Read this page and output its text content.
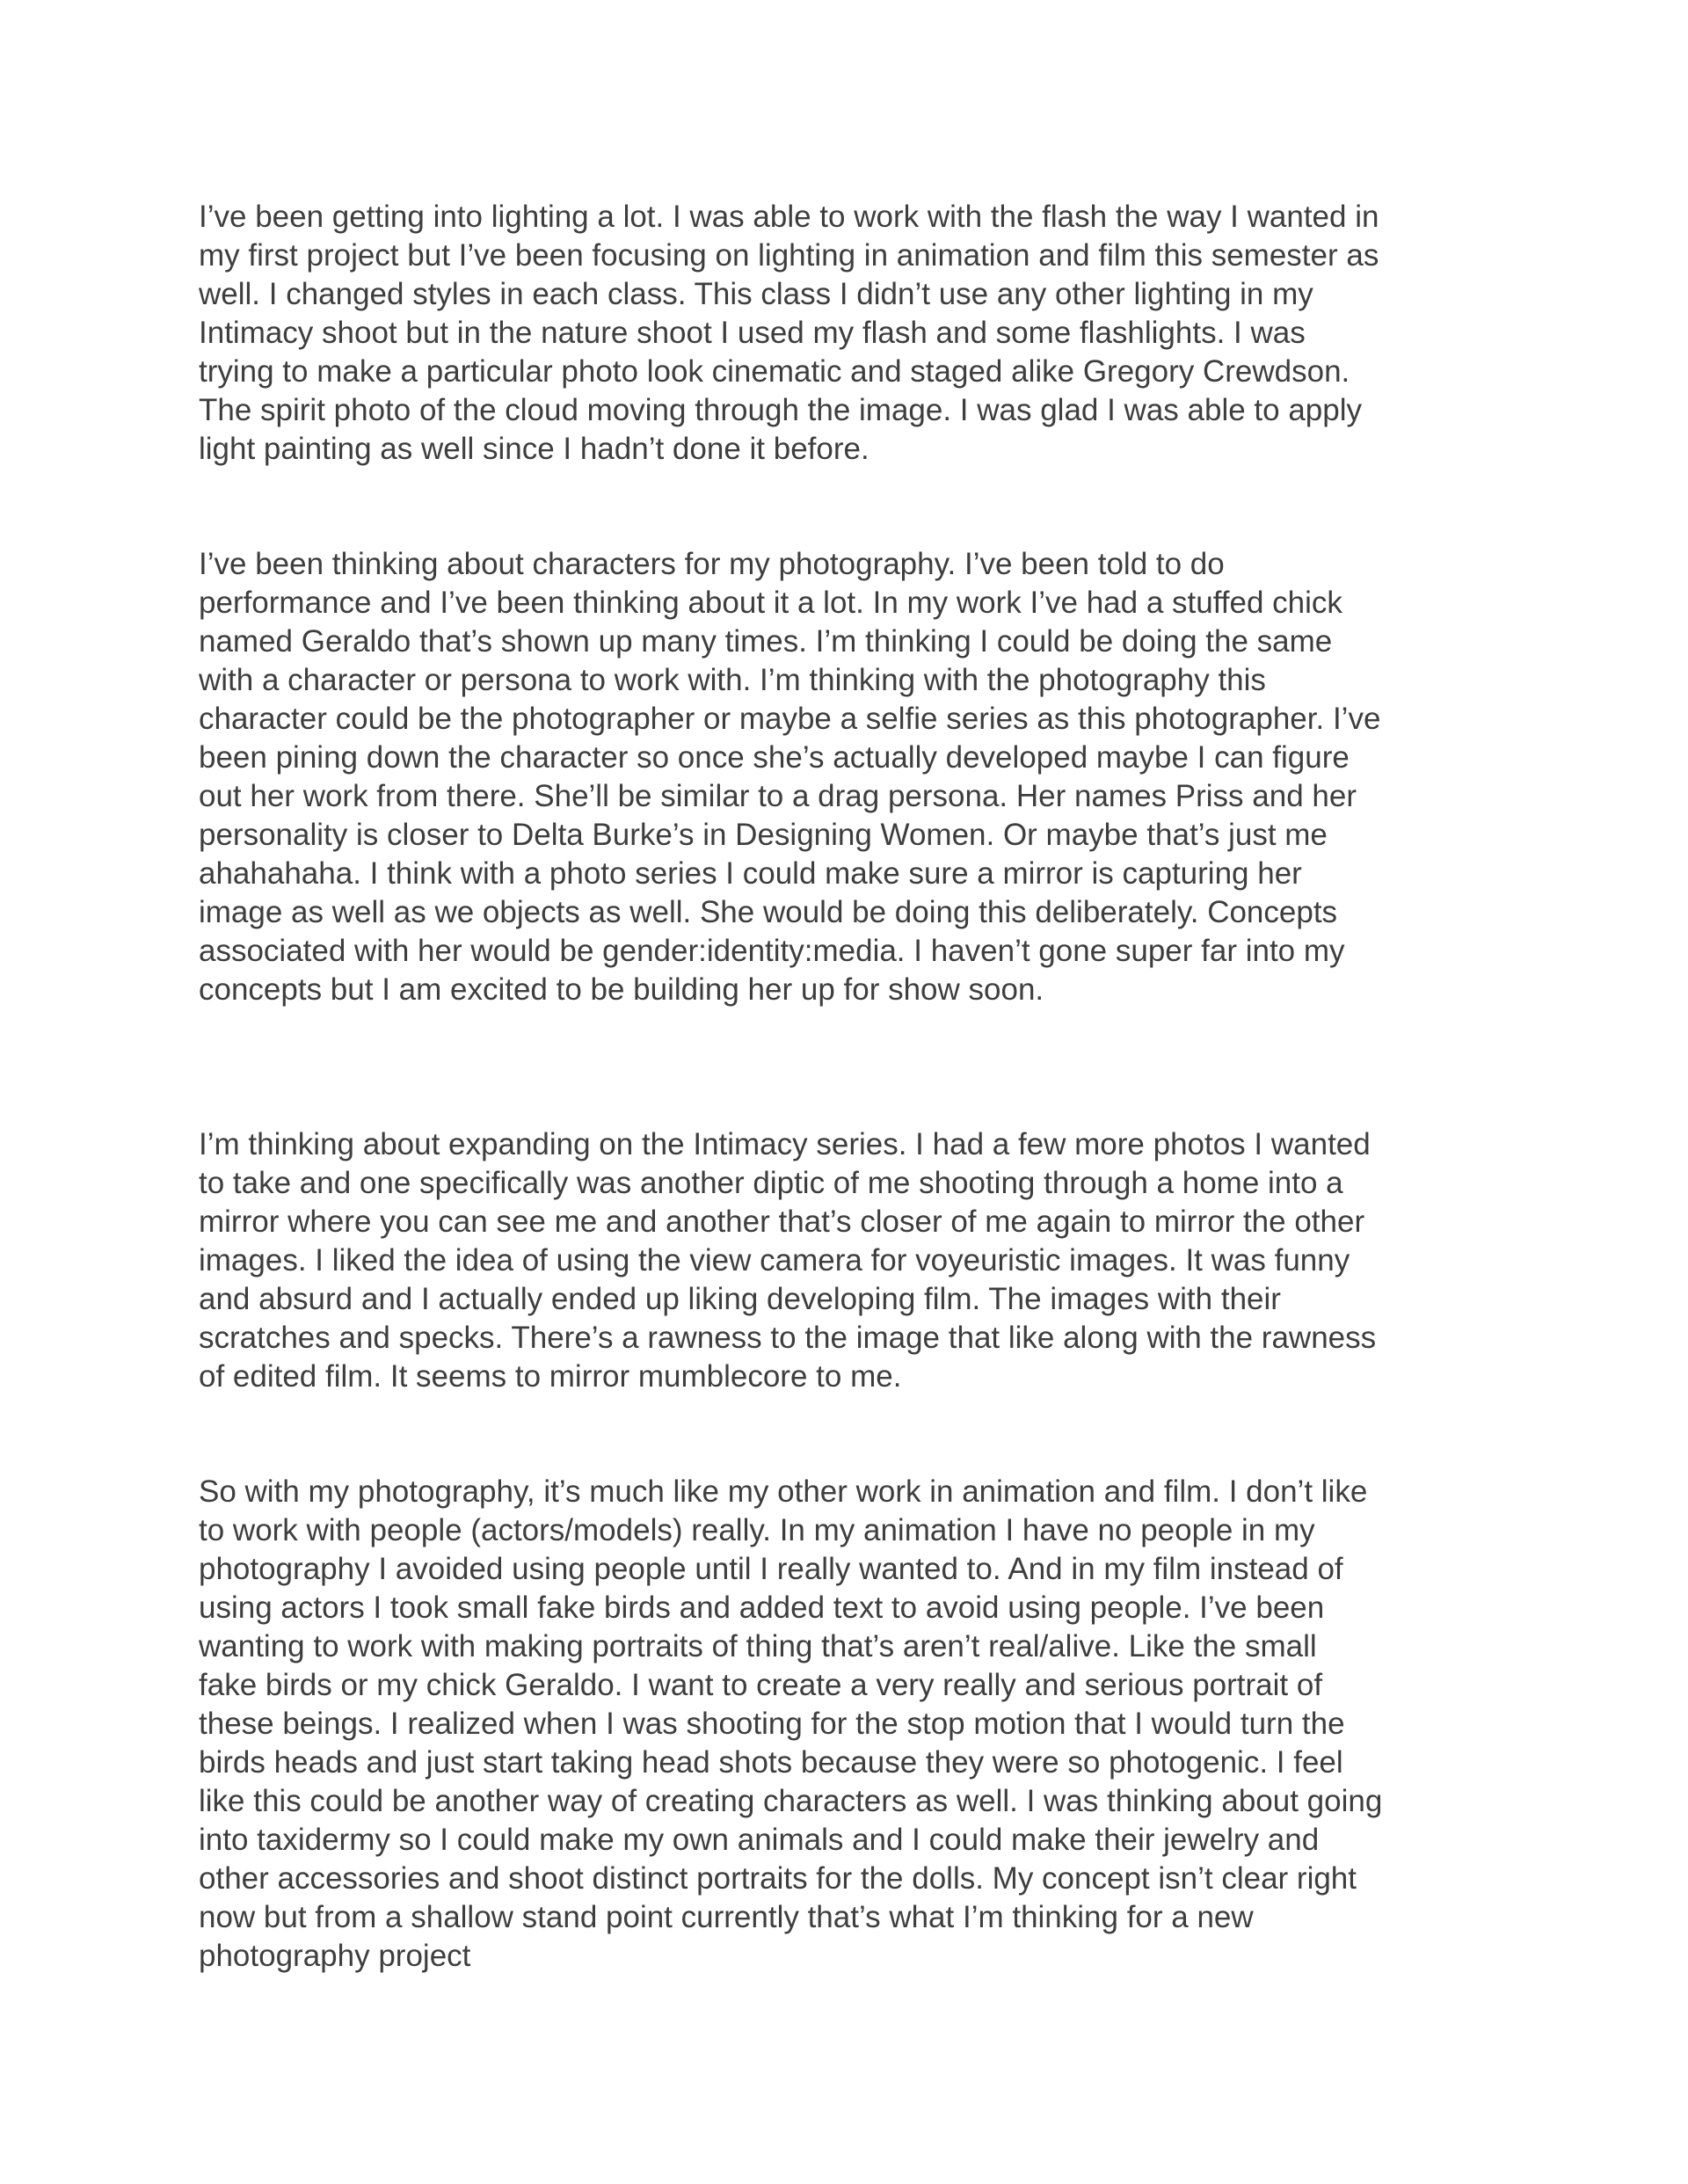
I’ve been getting into lighting a lot. I was able to work with the flash the way I wanted in
my first project but I’ve been focusing on lighting in animation and film this semester as
well. I changed styles in each class. This class I didn’t use any other lighting in my
Intimacy shoot but in the nature shoot I used my flash and some flashlights. I was
trying to make a particular photo look cinematic and staged alike Gregory Crewdson.
The spirit photo of the cloud moving through the image. I was glad I was able to apply
light painting as well since I hadn’t done it before.

I’ve been thinking about characters for my photography. I’ve been told to do
performance and I’ve been thinking about it a lot. In my work I’ve had a stuffed chick
named Geraldo that’s shown up many times. I’m thinking I could be doing the same
with a character or persona to work with. I’m thinking with the photography this
character could be the photographer or maybe a selfie series as this photographer. I’ve
been pining down the character so once she’s actually developed maybe I can figure
out her work from there. She’ll be similar to a drag persona. Her names Priss and her
personality is closer to Delta Burke’s in Designing Women. Or maybe that’s just me
ahahahaha. I think with a photo series I could make sure a mirror is capturing her
image as well as we objects as well. She would be doing this deliberately. Concepts
associated with her would be gender:identity:media. I haven’t gone super far into my
concepts but I am excited to be building her up for show soon.

I’m thinking about expanding on the Intimacy series. I had a few more photos I wanted
to take and one specifically was another diptic of me shooting through a home into a
mirror where you can see me and another that’s closer of me again to mirror the other
images. I liked the idea of using the view camera for voyeuristic images. It was funny
and absurd and I actually ended up liking developing film. The images with their
scratches and specks. There’s a rawness to the image that like along with the rawness
of edited film. It seems to mirror mumblecore to me.

So with my photography, it’s much like my other work in animation and film. I don’t like
to work with people (actors/models) really. In my animation I have no people in my
photography I avoided using people until I really wanted to. And in my film instead of
using actors I took small fake birds and added text to avoid using people. I’ve been
wanting to work with making portraits of thing that’s aren’t real/alive. Like the small
fake birds or my chick Geraldo. I want to create a very really and serious portrait of
these beings. I realized when I was shooting for the stop motion that I would turn the
birds heads and just start taking head shots because they were so photogenic. I feel
like this could be another way of creating characters as well. I was thinking about going
into taxidermy so I could make my own animals and I could make their jewelry and
other accessories and shoot distinct portraits for the dolls. My concept isn’t clear right
now but from a shallow stand point currently that’s what I’m thinking for a new
photography project
